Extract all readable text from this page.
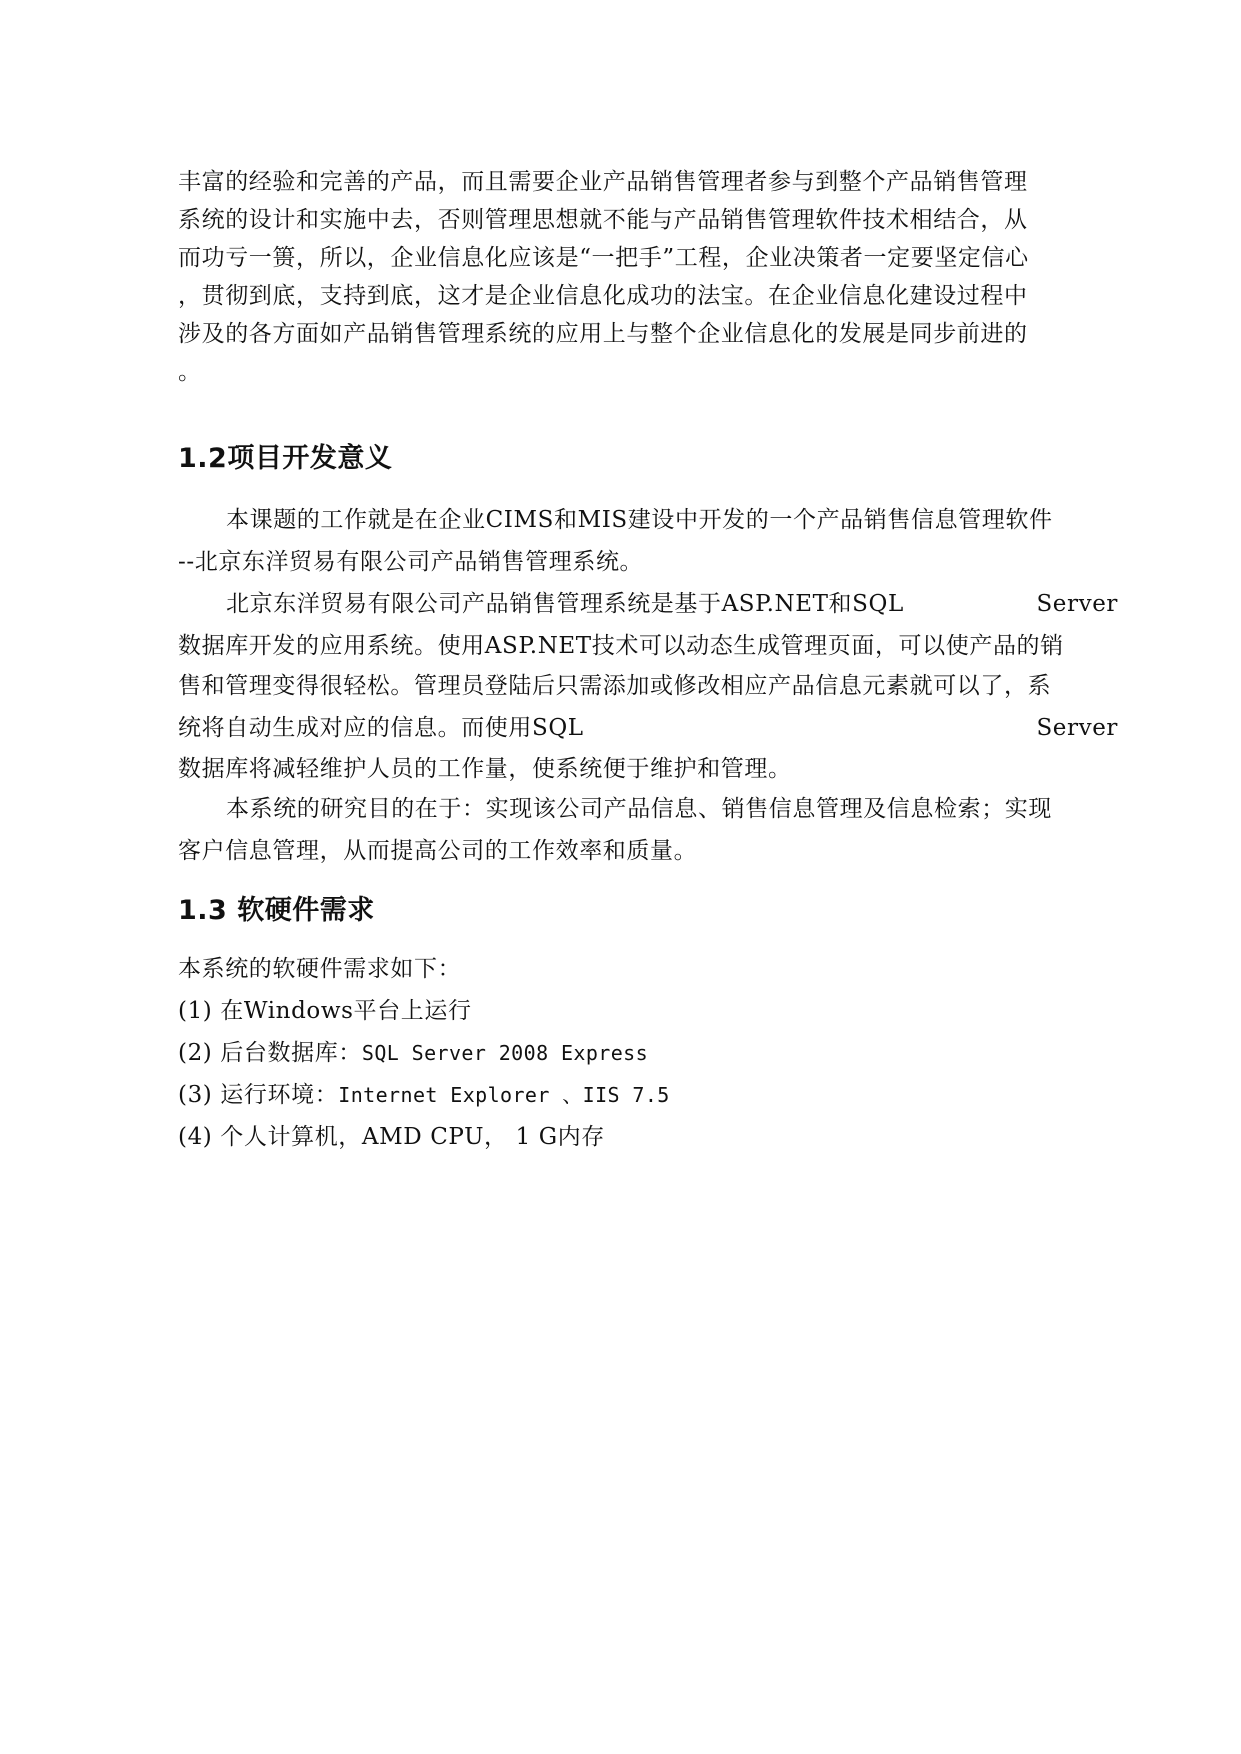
丰富的经验和完善的产品，而且需要企业产品销售管理者参与到整个产品销售管理
系统的设计和实施中去，否则管理思想就不能与产品销售管理软件技术相结合，从
而功亏一篑，所以，企业信息化应该是“一把手”工程，企业决策者一定要坚定信心
，贯彻到底，支持到底，这才是企业信息化成功的法宝。在企业信息化建设过程中
涉及的各方面如产品销售管理系统的应用上与整个企业信息化的发展是同步前进的
。
1.2项目开发意义
本课题的工作就是在企业CIMS和MIS建设中开发的一个产品销售信息管理软件
--北京东洋贸易有限公司产品销售管理系统。
北京东洋贸易有限公司产品销售管理系统是基于ASP.NET和SQL	Server
数据库开发的应用系统。使用ASP.NET技术可以动态生成管理页面，可以使产品的销
售和管理变得很轻松。管理员登陆后只需添加或修改相应产品信息元素就可以了，系
统将自动生成对应的信息。而使用SQL	Server
数据库将减轻维护人员的工作量，使系统便于维护和管理。
本系统的研究目的在于：实现该公司产品信息、销售信息管理及信息检索；实现
客户信息管理，从而提高公司的工作效率和质量。
1.3 软硬件需求
本系统的软硬件需求如下：
(1) 在Windows平台上运行
(2) 后台数据库：SQL Server 2008 Express
(3) 运行环境：Internet Explorer 、IIS 7.5
(4) 个人计算机，AMD CPU， 1 G内存
